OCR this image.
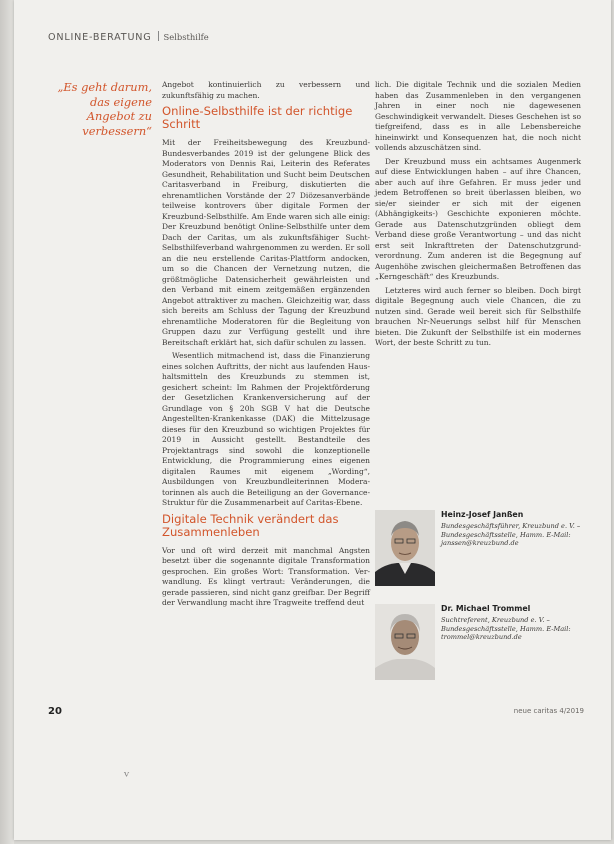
ONLINE-BERATUNG Selbsthilfe
„Es geht darum, das eigene Angebot zu verbessern“

Angebot kontinuierlich zu verbessern und zukunftsfähig zu machen.

Online-Selbsthilfe ist der richtige Schritt

Mit der Freiheitsbewegung des Kreuzbund-Bundesverbandes 2019 ist der gelungene Blick des Moderators von Dennis Rai, Leiterin des Referates Gesundheit, Rehabilitation und Sucht beim Deutschen Caritasverband in Freiburg, diskutierten die ehrenamtlichen Vorstände der 27 Diözesanverbände teilweise kontrovers über digitale Formen der Kreuzbund-Selbsthilfe. Am Ende waren sich alle einig: Der Kreuzbund benötigt Online-Selbsthilfe unter dem Dach der Caritas, um als zukunftsfähiger Sucht-Selbsthilfeverband wahrgenommen zu werden. Er soll an die neu erstellende Caritas-Plattform andocken, um so die Chancen der Vernetzung nutzen, die größtmögliche Datensicherheit gewährleisten und den Verband mit einem zeitgemäßen ergänzenden Angebot attraktiver zu machen. Gleichzeitig war, dass sich bereits am Schluss der Tagung der Kreuzbund ehrenamtliche Moderatoren für die Begleitung von Gruppen dazu zur Verfügung gestellt und ihre Bereitschaft erklärt hat, sich dafür schulen zu lassen.

Wesentlich mitmachend ist, dass die Finanzierung eines solchen Auftritts, der nicht aus laufenden Haushaltsmitteln des Kreuzbunds zu stemmen ist, gesichert scheint: Im Rahmen der Projektförderung der Gesetzlichen Krankenversicherung auf der Grundlage von § 20h SGB V hat die Deutsche Angestellten-Krankenkasse (DAK) die Mittelzusage dieses für den Kreuzbund so wichtigen Projektes für 2019 in Aussicht gestellt. Bestandteile des Projektantrags sind sowohl die konzeptionelle Entwicklung, die Programmierung eines eigenen digitalen Raumes mit eigenem „Wording“, Ausbildungen von Kreuzbundleiterinnen Moderatorinnen als auch die Beteiligung an der Governance-Struktur für die Zusammenarbeit auf Caritas-Ebene.

Digitale Technik verändert das Zusammenleben

Vor und oft wird derzeit mit manchmal Angsten besetzt über die sogenannte digitale Transformation gesprochen. Ein großes Wort: Transformation. Verwandlung. Es klingt vertraut: Veränderungen, die gerade passieren, sind nicht ganz greifbar. Der Begriff der Verwandlung macht ihre Tragweite treffend deut

lich. Die digitale Technik und die sozialen Medien haben das Zusammenleben in den vergangenen Jahren in einer noch nie dagewesenen Geschwindigkeit verwandelt. Dieses Geschehen ist so tiefgreifend, dass es in alle Lebensbereiche hineinwirkt und Konsequenzen hat, die noch nicht vollends abzuschätzen sind.

Der Kreuzbund muss ein achtsames Augenmerk auf diese Entwicklungen haben – auf ihre Chancen, aber auch auf ihre Gefahren. Er muss jeder und jedem Betroffenen so breit überlassen bleiben, wo sie/er sieinder er sich mit der eigenen (Abhängigkeits-) Geschichte exponieren möchte. Gerade aus Datenschutzgründen obliegt dem Verband diese große Verantwortung – und das nicht erst seit Inkrafttreten der Datenschutzgrundverordnung. Zum anderen ist die Begegnung auf Augenhöhe zwischen gleichermaßen Betroffenen das „Kerngeschäft“ des Kreuzbunds.

Letzteres wird auch ferner so bleiben. Doch birgt digitale Begegnung auch viele Chancen, die zu nutzen sind. Gerade weil bereit sich für Selbsthilfe brauchen Nr-Neuerungs selbst hilf für Menschen bieten. Die Zukunft der Selbsthilfe ist ein modernes Wort, der beste Schritt zu tun.

Heinz-Josef Janßen
Bundesgeschäftsführer, Kreuzbund e. V. – Bundesgeschäftsstelle, Hamm. E-Mail: janssen@kreuzbund.de
Dr. Michael Trommel
Suchtreferent, Kreuzbund e. V. – Bundesgeschäftsstelle, Hamm. E-Mail: trommel@kreuzbund.de
20	neue caritas 4/2019
ⱽ
